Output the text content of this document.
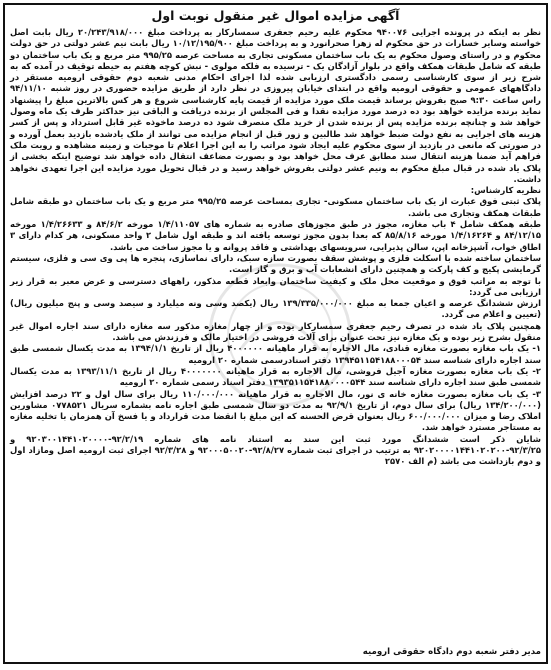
آگهی مزایده اموال غیر منقول نوبت اول

نظر به اینکه در پرونده اجرایی ۹۴۰۰۷۶ محکوم علیه رحیم جعفری سمسارکار به پرداخت مبلغ ۲۰/۲۴۳/۹۱۸/۰۰۰ ریال بابت اصل خواسته وسایر خسارات در حق محکوم له زهرا صحرانورد و به پرداخت مبلغ ۱۰/۱۲/۱۹۵/۹۰۰ ریال بابت نیم عشر دولتی در حق دولت محکوم و در راستای وصول محکوم به یک باب ساختمان مسکونی تجاری به مساحت عرصه ۹۹۵/۲۵ متر مربع و یک باب ساختمان دو طبقه که شامل طبقات همکف واقع در بلوار آزادگان یک - ترسیده به فلکه مولوی - نبش کوچه هفتم به حیطه توقیف در آمده که به شرح زیر از سوی کارشناسی رسمی دادگستری ارزیابی شده لذا اجرای احکام مدنی شعبه دوم حقوقی ارومیه مستقر در دادگاههای عمومی و حقوقی ارومیه واقع در ابتدای خیابان پیروزی در نظر دارد از طریق مزایده حضوری در روز شنبه ۹۴/۱۱/۱۰ راس ساعت ۹:۳۰ صبح بفروش برساند قیمت ملک مورد مزایده از قیمت پایه کارشناسی شروع و هر کس بالاترین مبلغ را پیشنهاد نماید برنده مزایده خواهد بود ده درصد مورد مزایده نقدا و فی المجلس از برنده دریافت و الباقی نیز حداکثر ظرف یک ماه وصول خواهد شد و چنانچه برنده مزایده پس از برنده شدن از خرید ملک منصرف شود ده درصد ماخوذه غیر قابل استرداد و پس از کسر هزینه های اجرایی به نفع دولت ضبط خواهد شد طالبین و زور قبل از انجام مزایده می توانند از ملک یادشده بازدید بعمل آورده و در صورتی که مانعی در بازدید از سوی محکوم علیه ایجاد شود مراتب را به این اجرا اعلام تا موجبات و زمینه مشاهده و رویت ملک فراهم آید ضمنا هزینه انتقال سند مطابق عرف محل خواهد بود و بصورت مضاعف انتقال داده خواهد شد توضیح اینکه بخشی از پلاک یاد شده در قبال مبلغ محکوم به ونیم عشر دولتی بفروش خواهد رسید و در قبال تحویل مورد مزایده این اجرا تعهدی نخواهد داشت.

نظریه کارشناس:

پلاک ثبتی فوق عبارت از یک باب ساختمان مسکونی- تجاری بمساحت عرصه ۹۹۵/۲۵ متر مربع و یک باب ساختمان دو طبقه شامل طبقات همکف وتجاری می باشد.

طبقه همکف شامل ۴ باب مغازه، مجوز در طبق مجوزهای صادره به شماره های ۱/۴/۱۱۰۵۷ مورخه ۸۴/۶/۲ و ۱/۴/۲۶۶۳۳ مورخه ۸۴/۱۲/۱۵ و ۱/۴/۱۶۲۶۴ مورخه ۸۵/۸/۱۶ که بعدا بدون مجوز توسعه یافته اند و طبقه اول شامل ۲ واحد مسکونی، هر کدام دارای ۳ اطاق خواب، آشپزخانه اپن، سالن پذیرایی، سرویسهای بهداشتی و فاقد پروانه و یا مجوز ساخت می باشد.

ساختمان ساخته شده با اسکلت فلزی و پوشش سقف بصورت سازه سبک، دارای نماسازی، پنجره ها پی وی سی و فلزی، سیستم گرمایشی پکیج و کف پارکت و همچنین دارای انشعابات آب و برق و گاز است.

با توجه به مراتب فوق و موقعیت محل ملک و کیفیت ساختمان وابعاد قطعه مذکور، راههای دسترسی و عرض معبر به قرار زیر ارزیابی می گردد:

ارزش ششدانگ عرصه و اعیان جمعا به مبلغ ۱۳۹/۳۳۵/۰۰۰/۰۰۰ ریال (یکصد وسی ونه میلیارد و سیصد وسی و پنج میلیون ریال) (تعیین و اعلام می گردد.

همچنین پلاک یاد شده در تصرف رحیم جعفری سمسارکار بوده و از چهار مغازه مذکور سه مغازه دارای سند اجاره اموال غیر منقول بشرح زیر بوده و یک مغازه نیز تحت عنوان برای آلات فروشی در اختیار مالک و فرزندش می باشد.

۱- یک باب مغازه بصورت مغازه قنادی، مال الاجاره به قرار ماهیانه ۴۰۰۰۰۰۰ ریال از تاریخ ۱۳۹۴/۱/۱ به مدت یکسال شمسی طبق سند اجاره دارای شناسه سند ۱۳۹۴۵۱۱۵۴۱۸۸۰۰۰۵۴ دفتر اسنادرسمی شماره ۲۰ ارومیه

۲- یک باب مغازه بصورت مغازه آجیل فروشی، مال الاجاره به قرار ماهیانه ۴۰۰۰۰۰۰۰ ریال از تاریخ ۱۳۹۳/۱۱/۱ به مدت یکسال شمسی طبق سند اجاره دارای شناسه سند ۱۳۹۳۵۱۱۵۴۱۸۸۰۰۰۰۵۴۴ دفتر اسناد رسمی شماره ۲۰ ارومیه

۳- یک باب مغازه بصورت مغازه خانه ی نور، مال الاجاره به قرار ماهیانه ۱۱۰/۰۰۰/۰۰۰ ریال برای سال اول و ۲۲ درصد افزایش (۱۳۴/۲۰۰/۰۰۰ ریال) برای سال دوم، از تاریخ ۹۲/۹/۱ به مدت دو سال شمسی طبق اجاره نامه بشماره سریال ۰۷۷۸۵۲۱ مشاورین املاک رضا و میزان ۶۰۰/۰۰۰/۰۰۰ ریال بعنوان قرض الحسنه که این مبلغ با انقضا مدت قرارداد و یا فسخ آن همزمان با تخلیه مغازه به مستاجر مسترد خواهد شد.

شایان ذکر است ششدانگ مورد ثبت این سند به استناد نامه های شماره ۹۲/۲/۱۹-۹۲۰۳۰۰۱۴۴۱۰۲۰۰۰۰ و ۹۲/۳/۲۵-۹۲۰۲۰۰۰۰۱۴۴۱۰۲۰۲۰۰ به ترتیب در اجرای ثبت شماره ۹۲/۸/۲۷-۹۲۰۰۰۵۰۰۲۰ و ۹۲/۳/۲۸ اجرای ثبت ارومیه اصل ومازاد اول و دوم بازداشت می باشد (م الف ۲۵۷۰

مدیر دفتر شعبه دوم دادگاه حقوقی ارومیه
